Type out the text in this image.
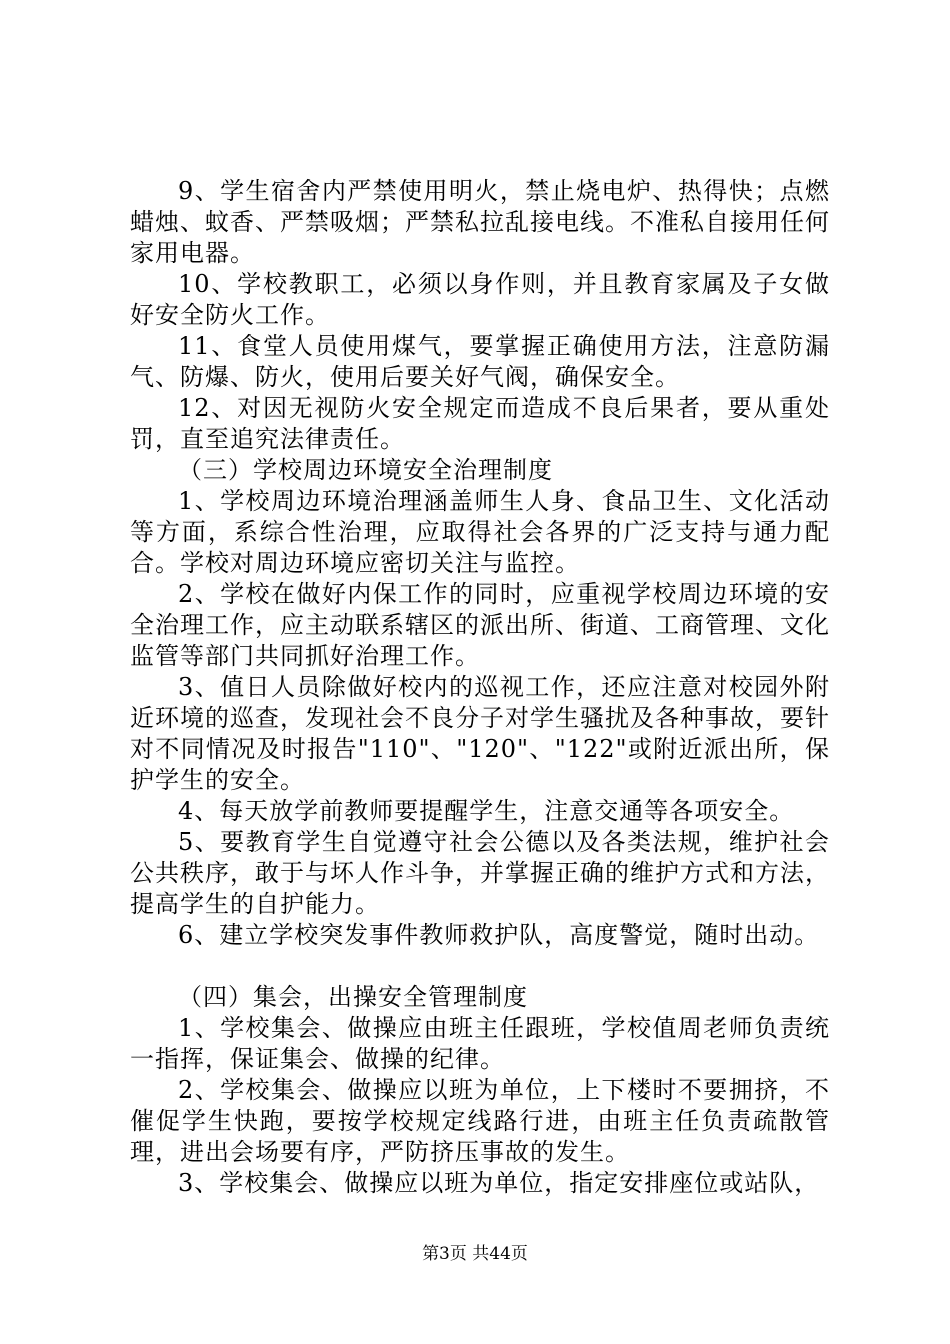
9、学生宿舍内严禁使用明火，禁止烧电炉、热得快；点燃蜡烛、蚊香、严禁吸烟；严禁私拉乱接电线。不准私自接用任何家用电器。

10、学校教职工，必须以身作则，并且教育家属及子女做好安全防火工作。

11、食堂人员使用煤气，要掌握正确使用方法，注意防漏气、防爆、防火，使用后要关好气阀，确保安全。

12、对因无视防火安全规定而造成不良后果者，要从重处罚，直至追究法律责任。

（三）学校周边环境安全治理制度

1、学校周边环境治理涵盖师生人身、食品卫生、文化活动等方面，系综合性治理，应取得社会各界的广泛支持与通力配合。学校对周边环境应密切关注与监控。

2、学校在做好内保工作的同时，应重视学校周边环境的安全治理工作，应主动联系辖区的派出所、街道、工商管理、文化监管等部门共同抓好治理工作。

3、值日人员除做好校内的巡视工作，还应注意对校园外附近环境的巡查，发现社会不良分子对学生骚扰及各种事故，要针对不同情况及时报告"110"、"120"、"122"或附近派出所，保护学生的安全。

4、每天放学前教师要提醒学生，注意交通等各项安全。

5、要教育学生自觉遵守社会公德以及各类法规，维护社会公共秩序，敢于与坏人作斗争，并掌握正确的维护方式和方法，提高学生的自护能力。

6、建立学校突发事件教师救护队，高度警觉，随时出动。

（四）集会，出操安全管理制度

1、学校集会、做操应由班主任跟班，学校值周老师负责统一指挥，保证集会、做操的纪律。

2、学校集会、做操应以班为单位，上下楼时不要拥挤，不催促学生快跑，要按学校规定线路行进，由班主任负责疏散管理，进出会场要有序，严防挤压事故的发生。

3、学校集会、做操应以班为单位，指定安排座位或站队，

第3页 共44页
